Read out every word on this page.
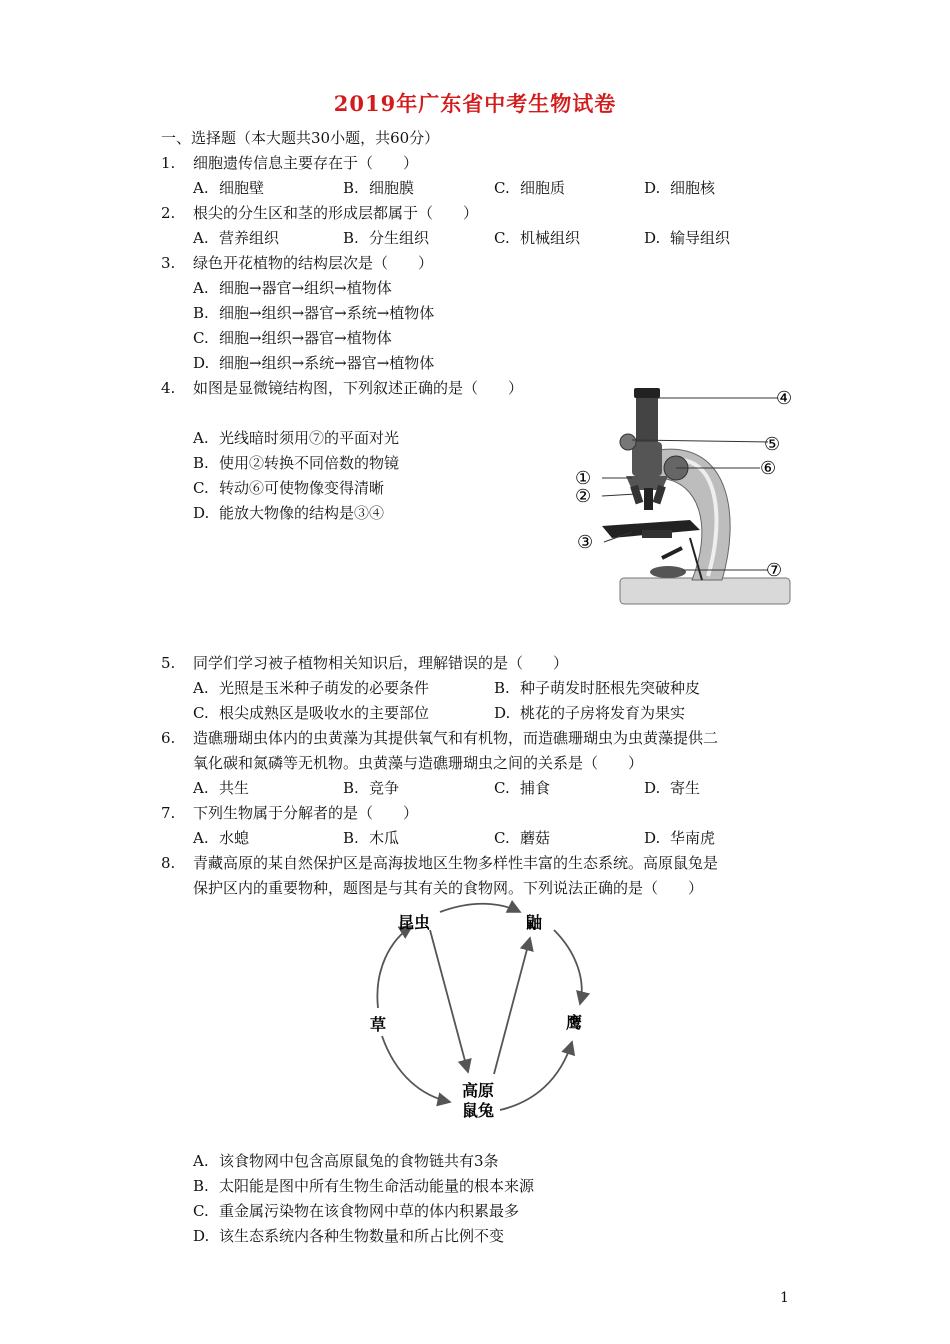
2019年广东省中考生物试卷
一、选择题（本大题共30小题，共60分）
1. 细胞遗传信息主要存在于（　　）
A. 细胞壁	B. 细胞膜	C. 细胞质	D. 细胞核
2. 根尖的分生区和茎的形成层都属于（　　）
A. 营养组织	B. 分生组织	C. 机械组织	D. 输导组织
3. 绿色开花植物的结构层次是（　　）
A. 细胞→器官→组织→植物体
B. 细胞→组织→器官→系统→植物体
C. 细胞→组织→器官→植物体
D. 细胞→组织→系统→器官→植物体
4. 如图是显微镜结构图，下列叙述正确的是（　　）
A. 光线暗时须用⑦的平面对光
B. 使用②转换不同倍数的物镜
C. 转动⑥可使物像变得清晰
D. 能放大物像的结构是③④
①
②
③
④
⑤
⑥
⑦
5. 同学们学习被子植物相关知识后，理解错误的是（　　）
A. 光照是玉米种子萌发的必要条件	B. 种子萌发时胚根先突破种皮
C. 根尖成熟区是吸收水的主要部位	D. 桃花的子房将发育为果实
6. 造礁珊瑚虫体内的虫黄藻为其提供氧气和有机物，而造礁珊瑚虫为虫黄藻提供二
氧化碳和氮磷等无机物。虫黄藻与造礁珊瑚虫之间的关系是（　　）
A. 共生	B. 竞争	C. 捕食	D. 寄生
7. 下列生物属于分解者的是（　　）
A. 水螅	B. 木瓜	C. 蘑菇	D. 华南虎
8. 青藏高原的某自然保护区是高海拔地区生物多样性丰富的生态系统。高原鼠兔是
保护区内的重要物种，题图是与其有关的食物网。下列说法正确的是（　　）
昆虫	鼬
草	鹰
高原
鼠兔
A. 该食物网中包含高原鼠兔的食物链共有3条
B. 太阳能是图中所有生物生命活动能量的根本来源
C. 重金属污染物在该食物网中草的体内积累最多
D. 该生态系统内各种生物数量和所占比例不变
1
